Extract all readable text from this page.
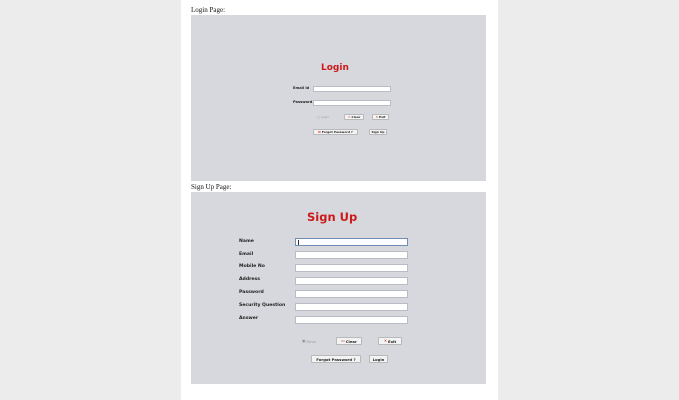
Login Page:
Login
Email Id
Password
▢ Login	▭ Clear	✕ Exit
⊡ Forgot Password ?	Sign Up
Sign Up Page:
Sign Up
Name
Email
Mobile No
Address
Password
Security Question
Answer
▣ Save	▭ Clear	✕ Exit
Forgot Password ?	Login
